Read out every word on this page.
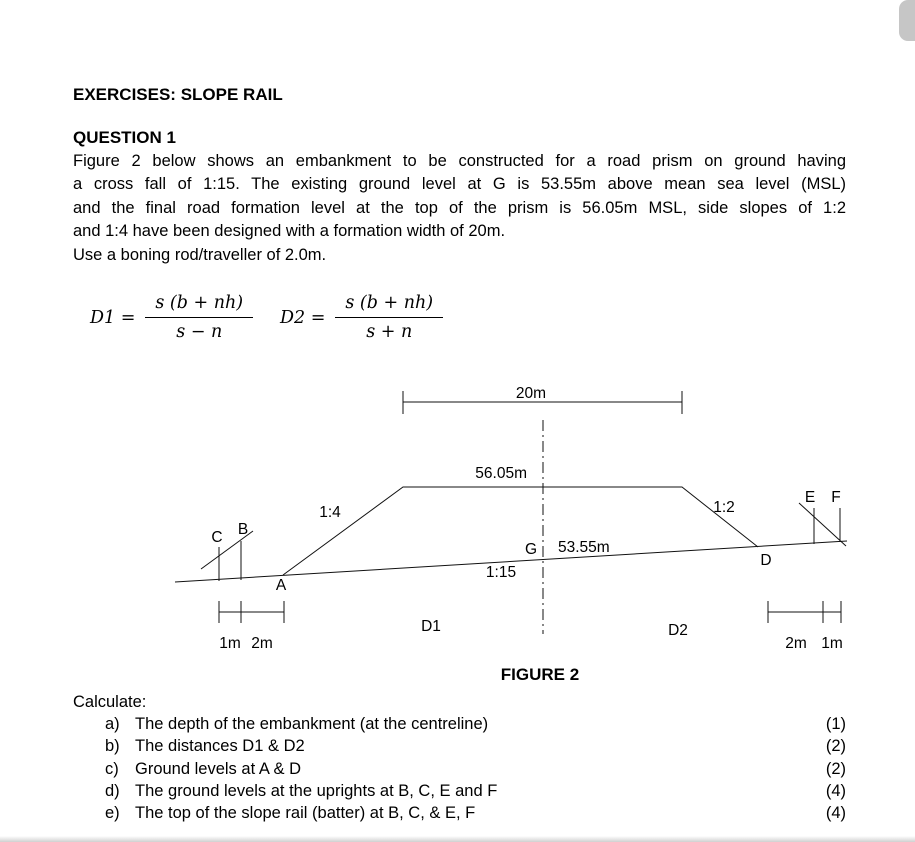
EXERCISES: SLOPE RAIL
QUESTION 1
Figure 2 below shows an embankment to be constructed for a road prism on ground having
a cross fall of 1:15. The existing ground level at G is 53.55m above mean sea level (MSL)
and the final road formation level at the top of the prism is 56.05m MSL, side slopes of 1:2
and 1:4 have been designed with a formation width of 20m.
Use a boning rod/traveller of 2.0m.
$D1 = \frac{s (b + nh)}{s - n} D2 = \frac{s (b + nh)}{s + n}$
20m
56.05m
1:4	1:2
G 53.55m
1:15
A
D
C B
E F
D1	D2
1m 2m	2m 1m
FIGURE 2
Calculate:
a) The depth of the embankment (at the centreline)	(1)
b) The distances D1 & D2	(2)
c) Ground levels at A & D	(2)
d) The ground levels at the uprights at B, C, E and F	(4)
e) The top of the slope rail (batter) at B, C, & E, F	(4)
